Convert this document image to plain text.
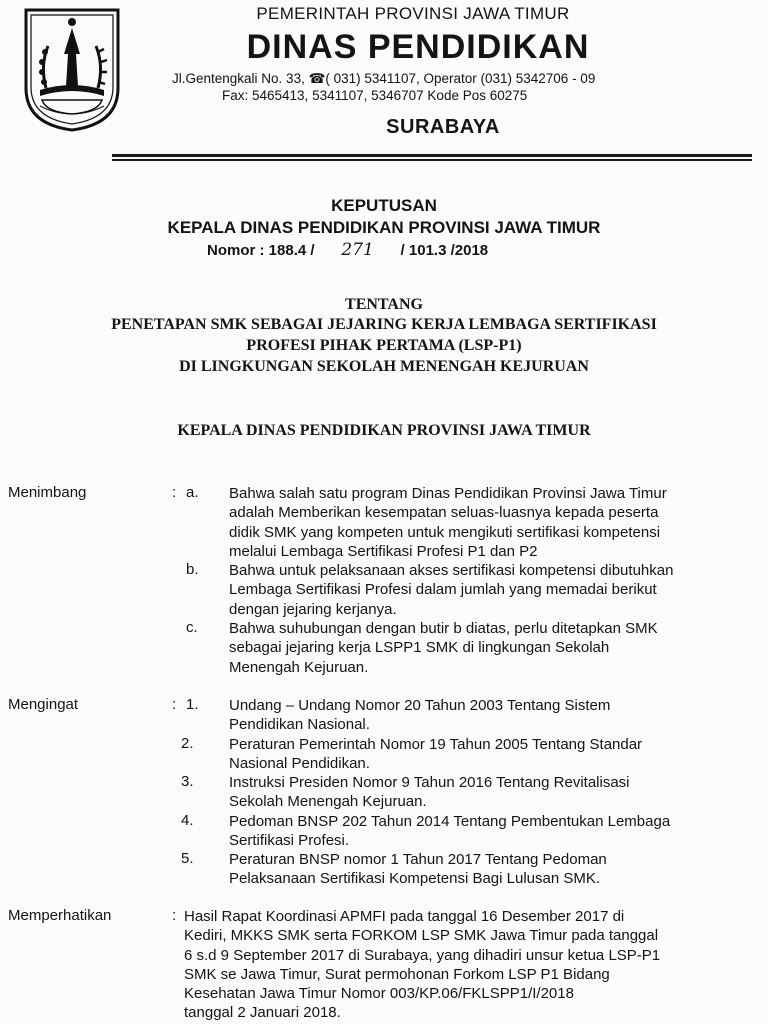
PEMERINTAH PROVINSI JAWA TIMUR
DINAS PENDIDIKAN
Jl.Gentengkali No. 33, ☎( 031) 5341107, Operator (031) 5342706 - 09
Fax: 5465413, 5341107, 5346707 Kode Pos 60275
SURABAYA
KEPUTUSAN
KEPALA DINAS PENDIDIKAN PROVINSI JAWA TIMUR
Nomor : 188.4 / 271 / 101.3 /2018
TENTANG
PENETAPAN SMK SEBAGAI JEJARING KERJA LEMBAGA SERTIFIKASI
PROFESI PIHAK PERTAMA (LSP-P1)
DI LINGKUNGAN SEKOLAH MENENGAH KEJURUAN
KEPALA DINAS PENDIDIKAN PROVINSI JAWA TIMUR
Menimbang	: a. Bahwa salah satu program Dinas Pendidikan Provinsi Jawa Timur
adalah Memberikan kesempatan seluas-luasnya kepada peserta
didik SMK yang kompeten untuk mengikuti sertifikasi kompetensi
melalui Lembaga Sertifikasi Profesi P1 dan P2
b. Bahwa untuk pelaksanaan akses sertifikasi kompetensi dibutuhkan
Lembaga Sertifikasi Profesi dalam jumlah yang memadai berikut
dengan jejaring kerjanya.
c. Bahwa suhubungan dengan butir b diatas, perlu ditetapkan SMK
sebagai jejaring kerja LSPP1 SMK di lingkungan Sekolah
Menengah Kejuruan.
Mengingat	: 1. Undang – Undang Nomor 20 Tahun 2003 Tentang Sistem
Pendidikan Nasional.
2. Peraturan Pemerintah Nomor 19 Tahun 2005 Tentang Standar
Nasional Pendidikan.
3. Instruksi Presiden Nomor 9 Tahun 2016 Tentang Revitalisasi
Sekolah Menengah Kejuruan.
4. Pedoman BNSP 202 Tahun 2014 Tentang Pembentukan Lembaga
Sertifikasi Profesi.
5. Peraturan BNSP nomor 1 Tahun 2017 Tentang Pedoman
Pelaksanaan Sertifikasi Kompetensi Bagi Lulusan SMK.
Memperhatikan	: Hasil Rapat Koordinasi APMFI pada tanggal 16 Desember 2017 di
Kediri, MKKS SMK serta FORKOM LSP SMK Jawa Timur pada tanggal
6 s.d 9 September 2017 di Surabaya, yang dihadiri unsur ketua LSP-P1
SMK se Jawa Timur, Surat permohonan Forkom LSP P1 Bidang
Kesehatan Jawa Timur Nomor 003/KP.06/FKLSPP1/I/2018
tanggal 2 Januari 2018.
